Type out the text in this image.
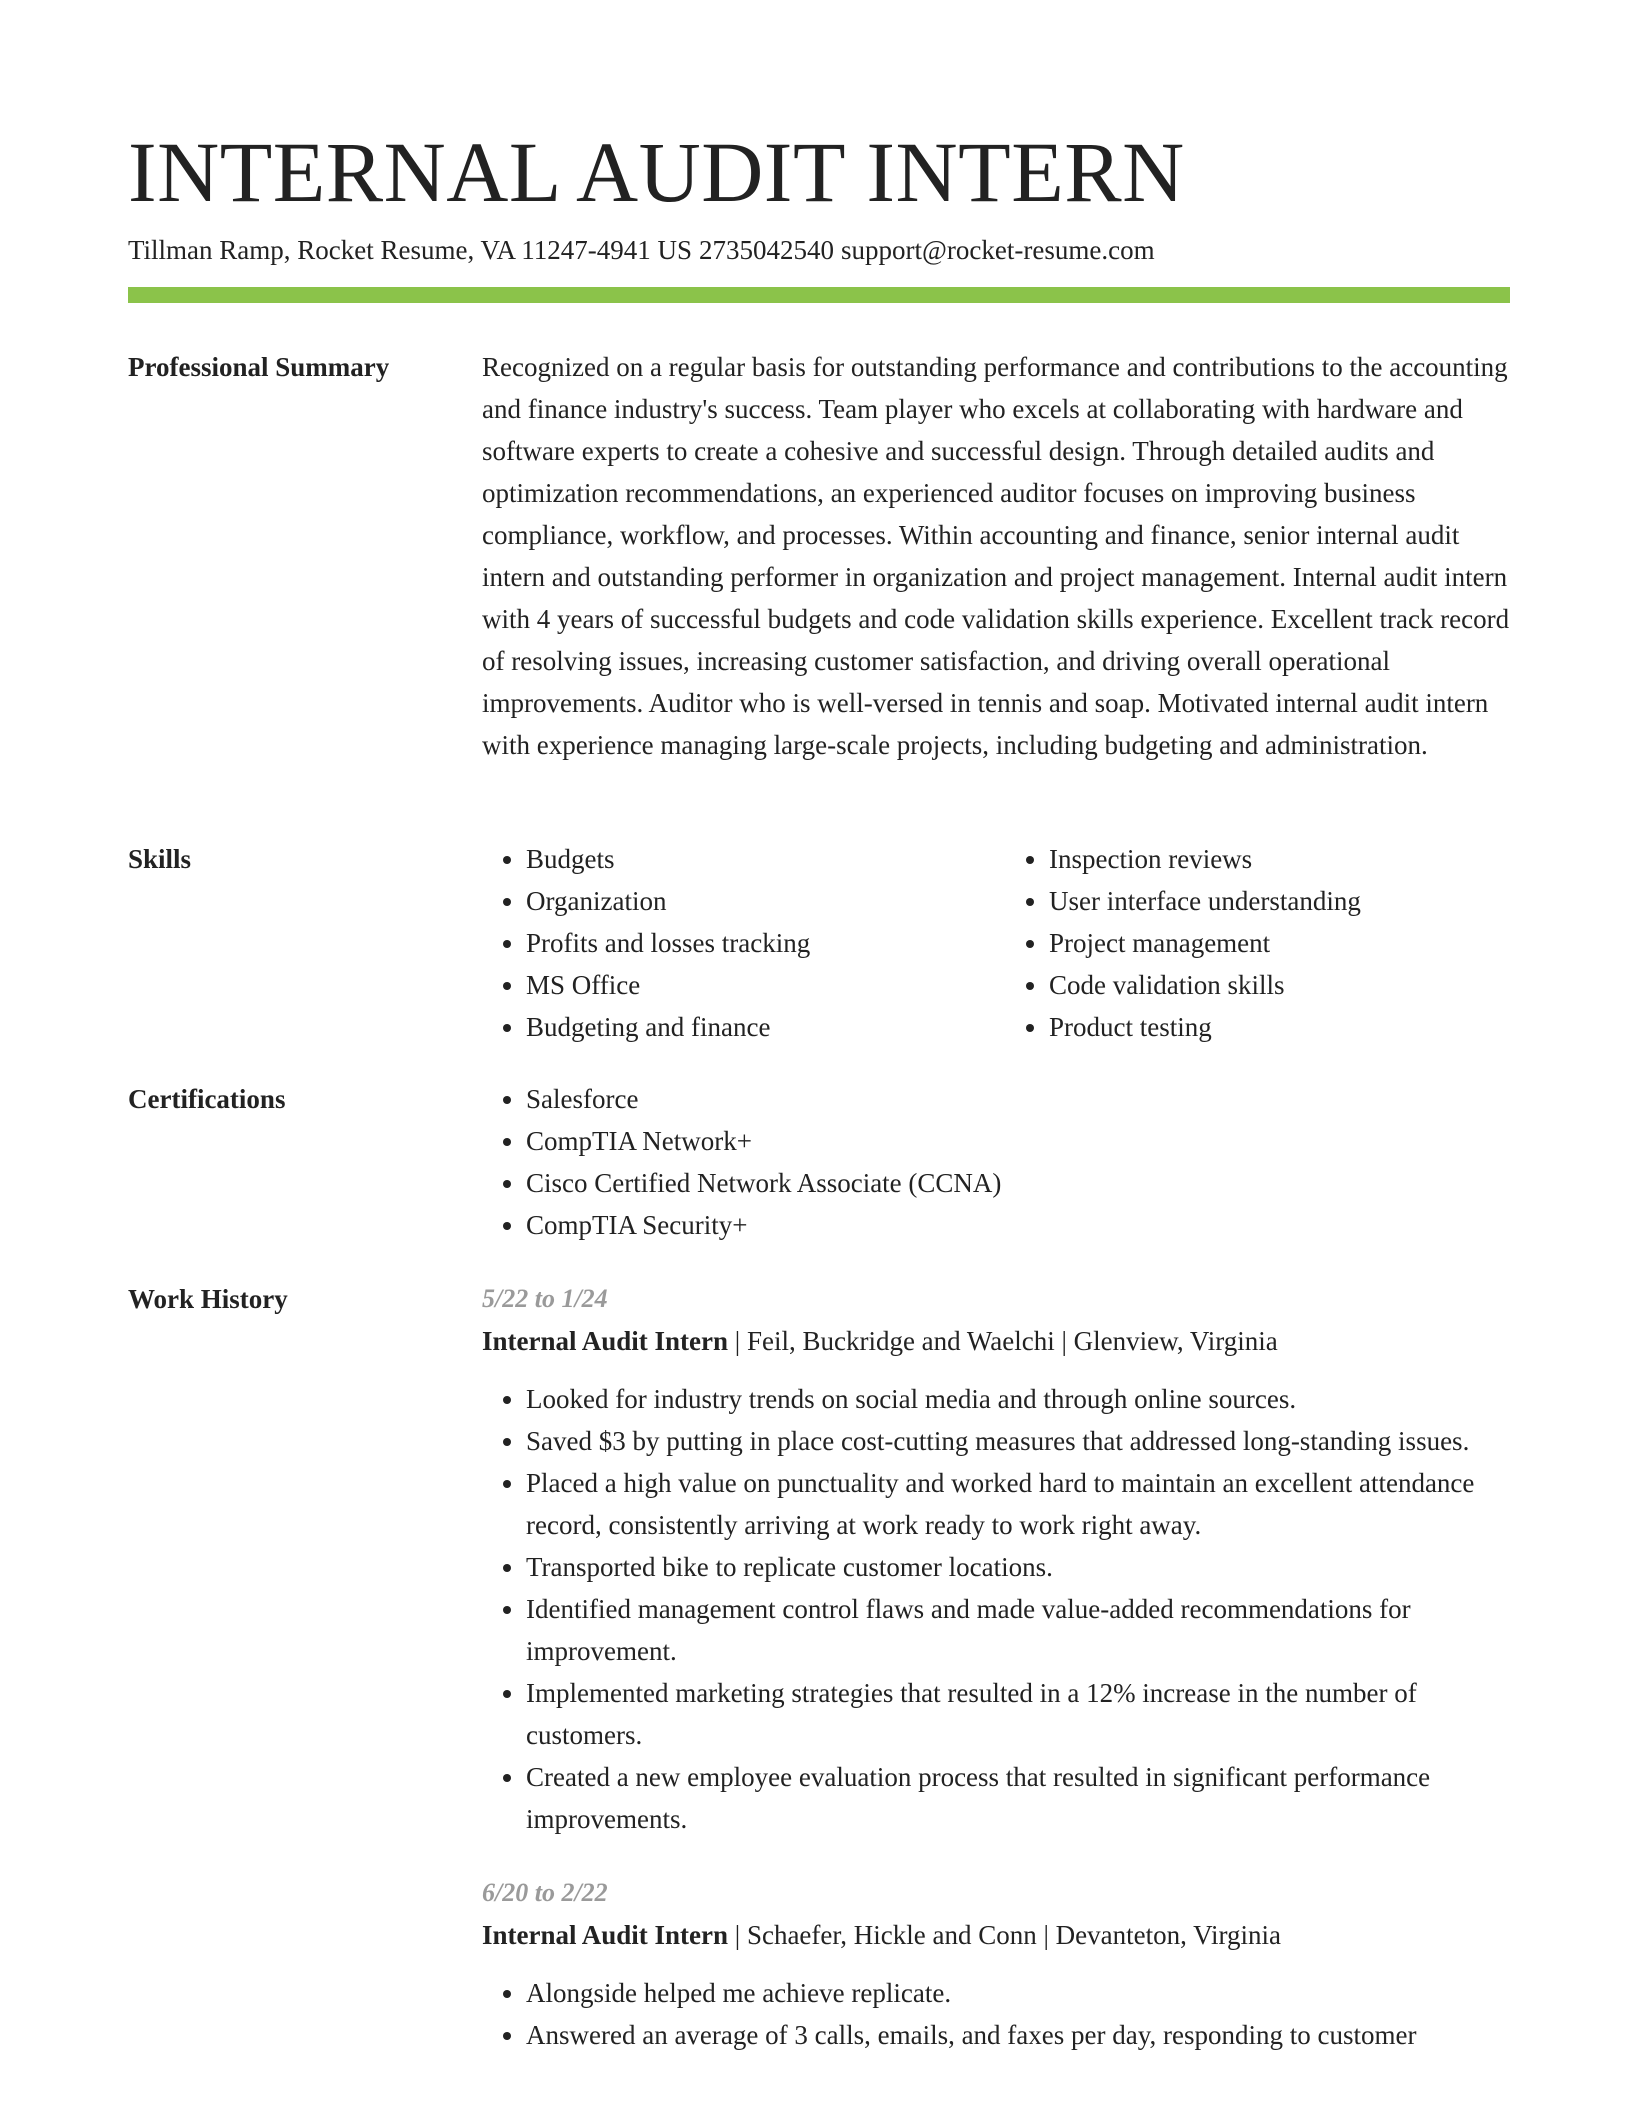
INTERNAL AUDIT INTERN
Tillman Ramp, Rocket Resume, VA 11247-4941 US 2735042540 support@rocket-resume.com
Professional Summary	Recognized on a regular basis for outstanding performance and contributions to the accounting and finance industry's success. Team player who excels at collaborating with hardware and software experts to create a cohesive and successful design. Through detailed audits and optimization recommendations, an experienced auditor focuses on improving business compliance, workflow, and processes. Within accounting and finance, senior internal audit intern and outstanding performer in organization and project management. Internal audit intern with 4 years of successful budgets and code validation skills experience. Excellent track record of resolving issues, increasing customer satisfaction, and driving overall operational improvements. Auditor who is well-versed in tennis and soap. Motivated internal audit intern with experience managing large-scale projects, including budgeting and administration.

Skills	• Budgets
• Organization
• Profits and losses tracking
• MS Office
• Budgeting and finance
• Inspection reviews
• User interface understanding
• Project management
• Code validation skills
• Product testing
Certifications	• Salesforce
• CompTIA Network+
• Cisco Certified Network Associate (CCNA)
• CompTIA Security+
Work History	5/22 to 1/24
Internal Audit Intern | Feil, Buckridge and Waelchi | Glenview, Virginia
• Looked for industry trends on social media and through online sources.
• Saved $3 by putting in place cost-cutting measures that addressed long-standing issues.
• Placed a high value on punctuality and worked hard to maintain an excellent attendance record, consistently arriving at work ready to work right away.
• Transported bike to replicate customer locations.
• Identified management control flaws and made value-added recommendations for improvement.
• Implemented marketing strategies that resulted in a 12% increase in the number of customers.
• Created a new employee evaluation process that resulted in significant performance improvements.
6/20 to 2/22
Internal Audit Intern | Schaefer, Hickle and Conn | Devanteton, Virginia
• Alongside helped me achieve replicate.
• Answered an average of 3 calls, emails, and faxes per day, responding to customer
